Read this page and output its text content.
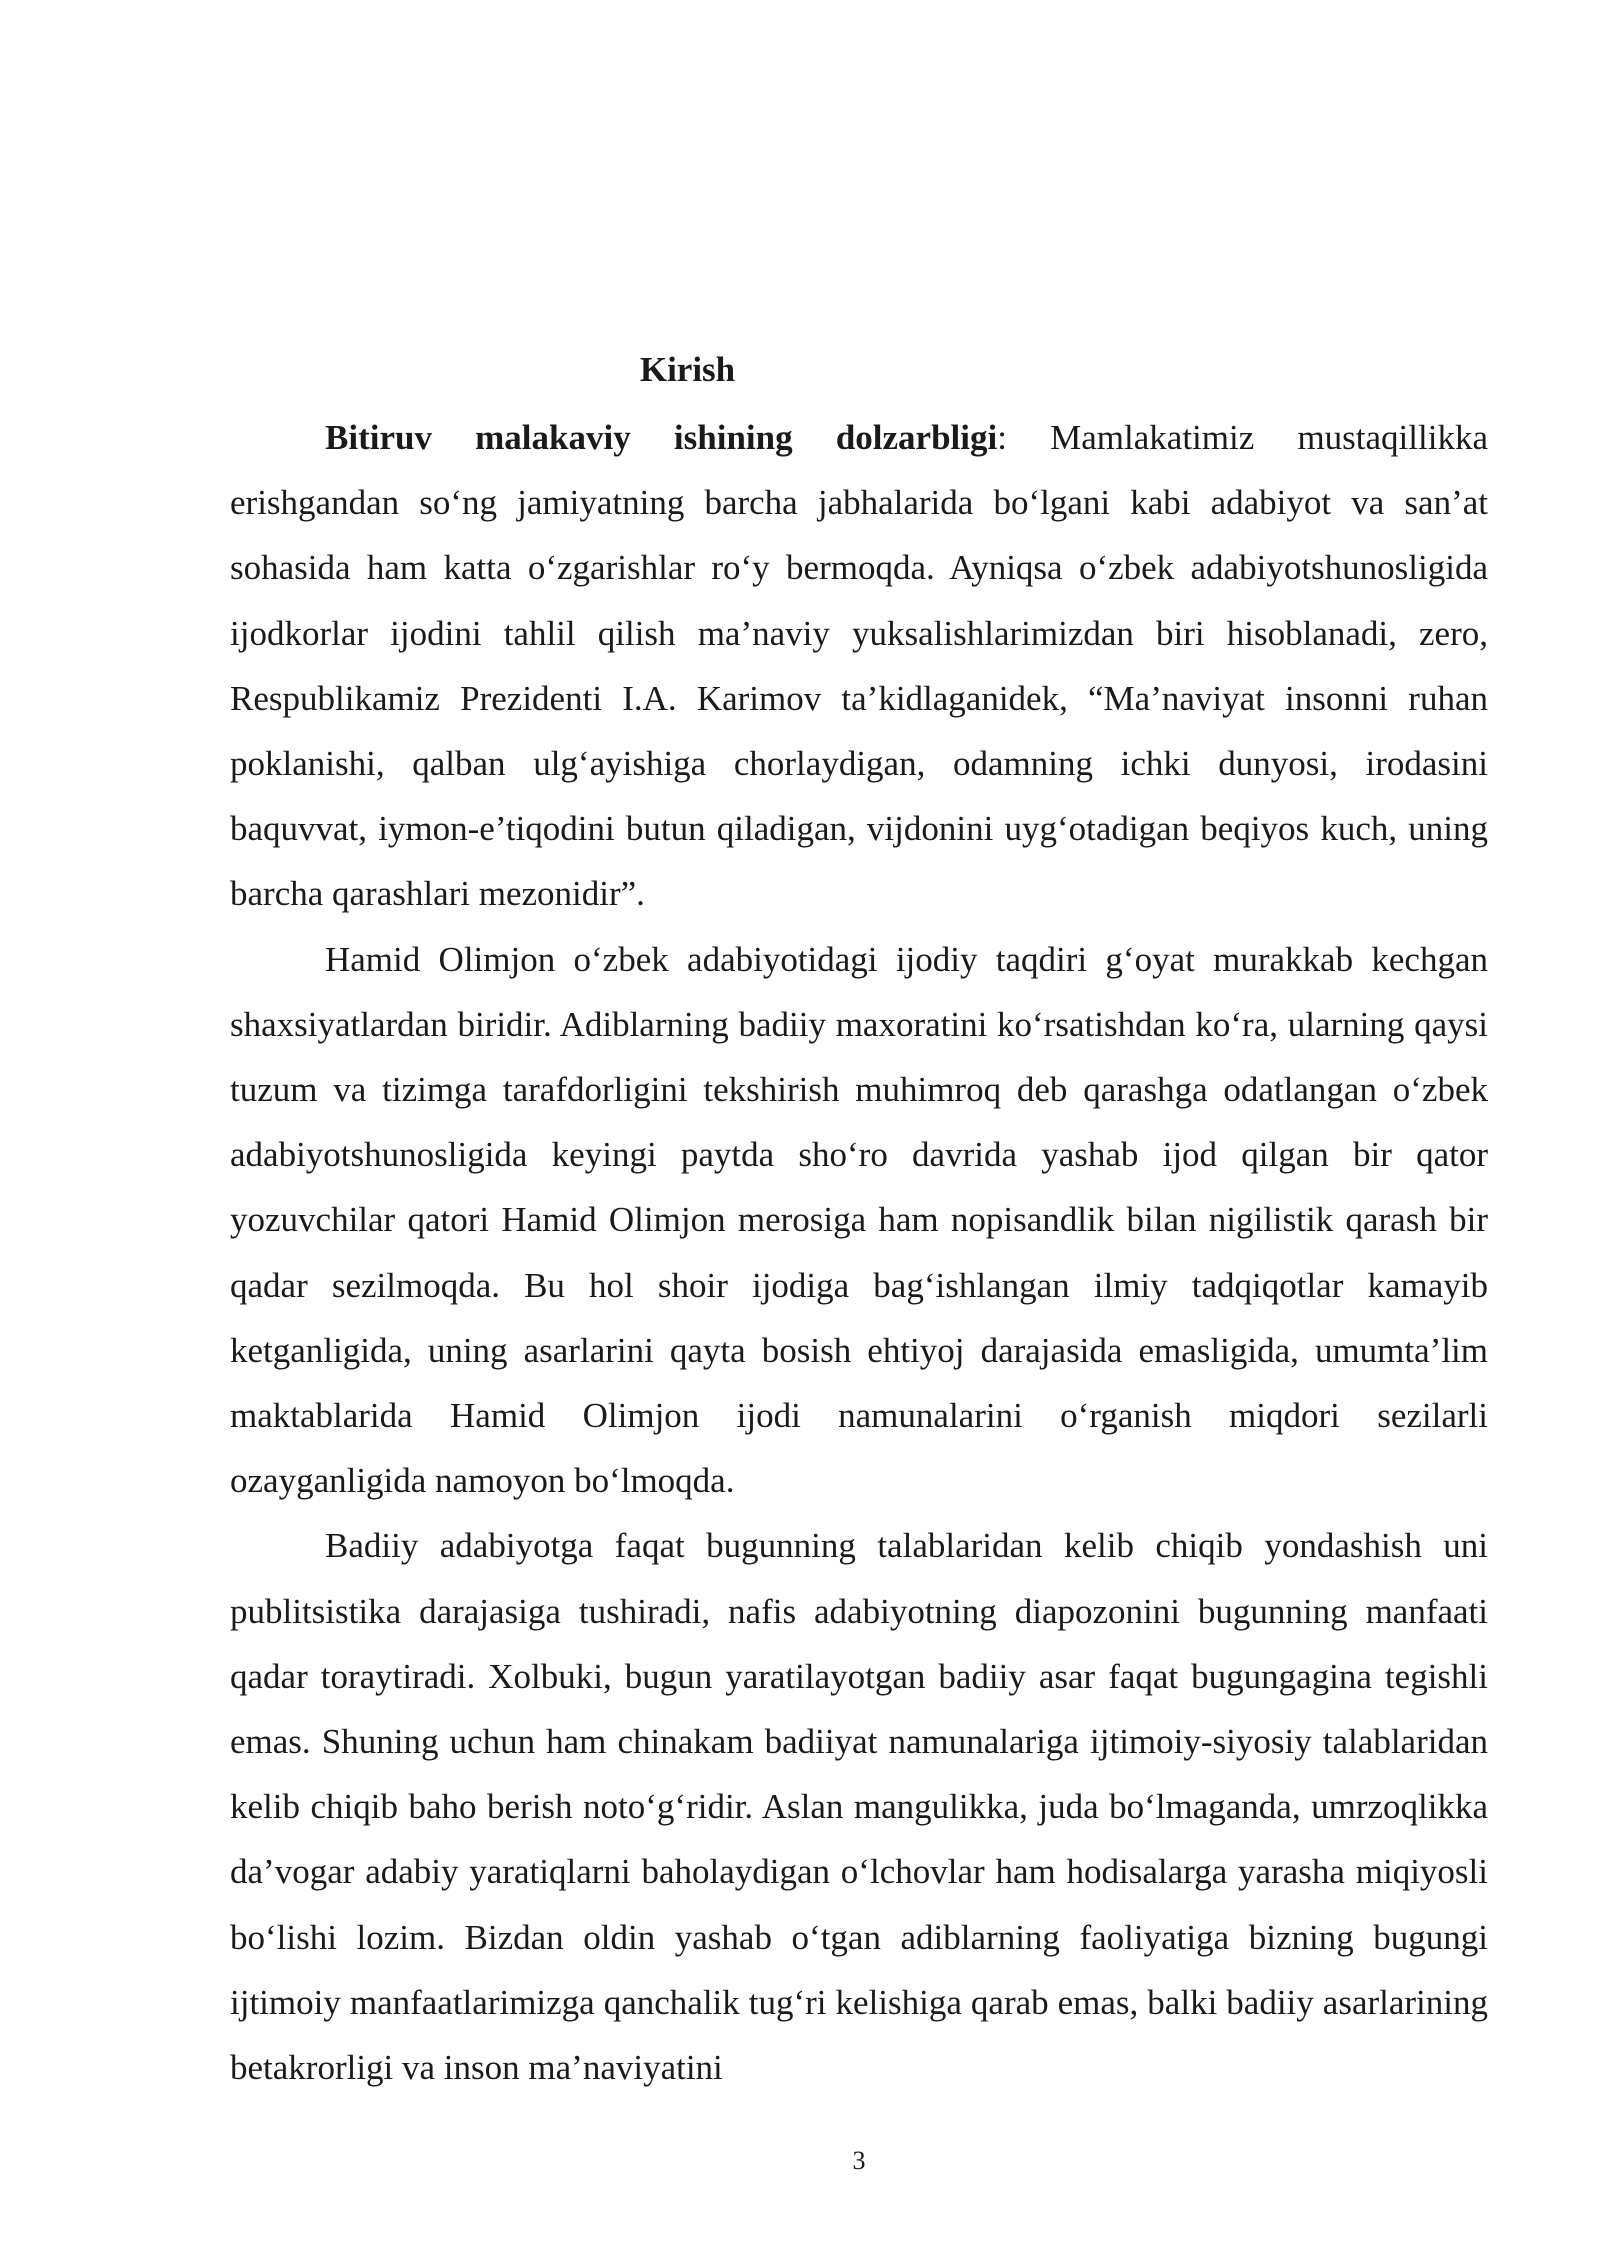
Kirish

Bitiruv malakaviy ishining dolzarbligi: Mamlakatimiz mustaqillikka erishgandan so‘ng jamiyatning barcha jabhalarida bo‘lgani kabi adabiyot va san’at sohasida ham katta o‘zgarishlar ro‘y bermoqda. Ayniqsa o‘zbek adabiyotshunosligida ijodkorlar ijodini tahlil qilish ma’naviy yuksalishlarimizdan biri hisoblanadi, zero, Respublikamiz Prezidenti I.A. Karimov ta’kidlaganidek, “Ma’naviyat insonni ruhan poklanishi, qalban ulg‘ayishiga chorlaydigan, odamning ichki dunyosi, irodasini baquvvat, iymon-e’tiqodini butun qiladigan, vijdonini uyg‘otadigan beqiyos kuch, uning barcha qarashlari mezonidir”.

Hamid Olimjon o‘zbek adabiyotidagi ijodiy taqdiri g‘oyat murakkab kechgan shaxsiyatlardan biridir. Adiblarning badiiy maxoratini ko‘rsatishdan ko‘ra, ularning qaysi tuzum va tizimga tarafdorligini tekshirish muhimroq deb qarashga odatlangan o‘zbek adabiyotshunosligida keyingi paytda sho‘ro davrida yashab ijod qilgan bir qator yozuvchilar qatori Hamid Olimjon merosiga ham nopisandlik bilan nigilistik qarash bir qadar sezilmoqda. Bu hol shoir ijodiga bag‘ishlangan ilmiy tadqiqotlar kamayib ketganligida, uning asarlarini qayta bosish ehtiyoj darajasida emasligida, umumta’lim maktablarida Hamid Olimjon ijodi namunalarini o‘rganish miqdori sezilarli ozayganligida namoyon bo‘lmoqda.

Badiiy adabiyotga faqat bugunning talablaridan kelib chiqib yondashish uni publitsistika darajasiga tushiradi, nafis adabiyotning diapozonini bugunning manfaati qadar toraytiradi. Xolbuki, bugun yaratilayotgan badiiy asar faqat bugungagina tegishli emas. Shuning uchun ham chinakam badiiyat namunalariga ijtimoiy-siyosiy talablaridan kelib chiqib baho berish noto‘g‘ridir. Aslan mangulikka, juda bo‘lmaganda, umrzoqlikka da’vogar adabiy yaratiqlarni baholaydigan o‘lchovlar ham hodisalarga yarasha miqiyosli bo‘lishi lozim. Bizdan oldin yashab o‘tgan adiblarning faoliyatiga bizning bugungi ijtimoiy manfaatlarimizga qanchalik tug‘ri kelishiga qarab emas, balki badiiy asarlarining betakrorligi va inson ma’naviyatini

3
